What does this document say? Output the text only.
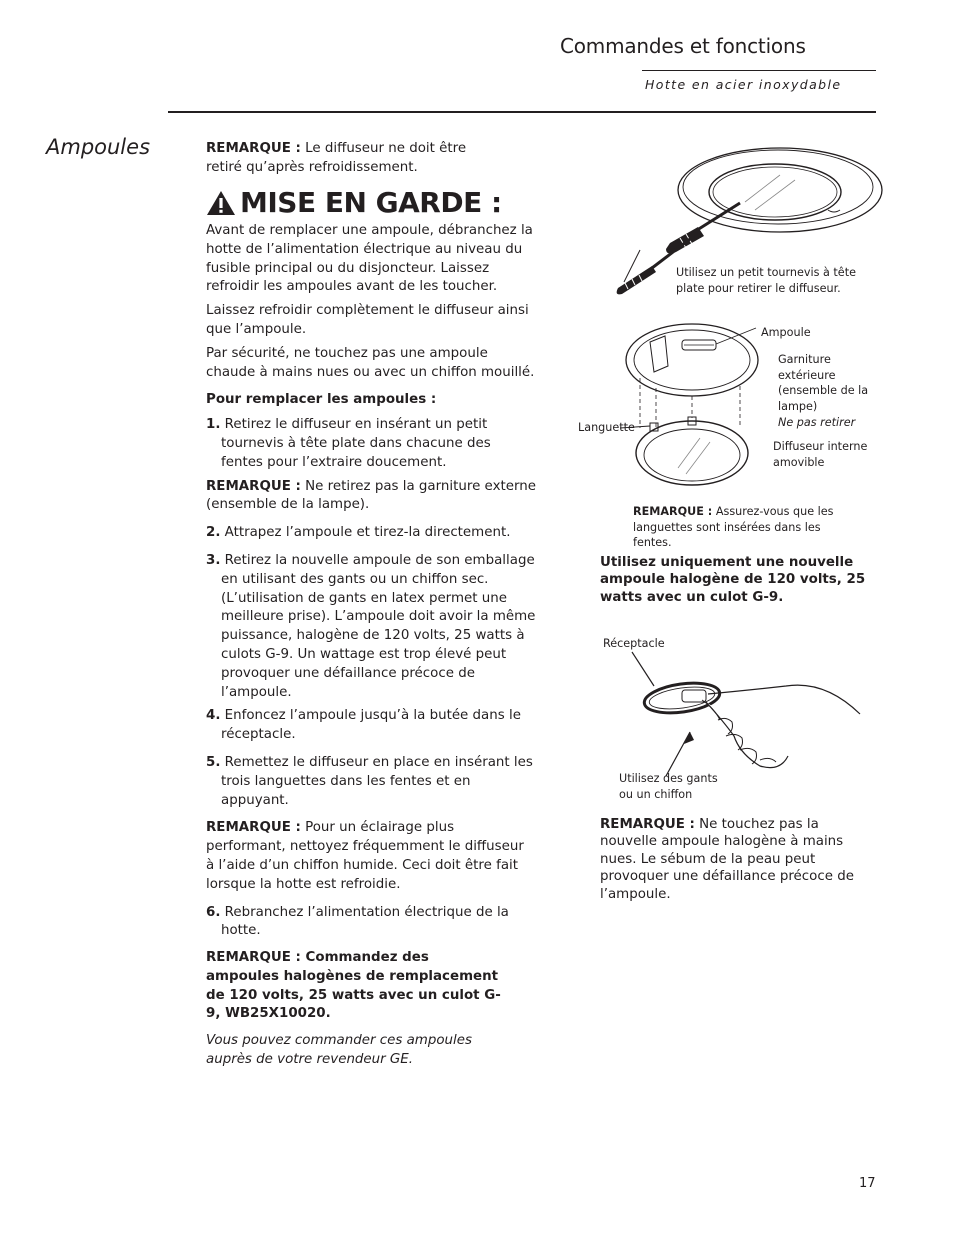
Commandes et fonctions
Hotte en acier inoxydable
Ampoules	REMARQUE : Le diffuseur ne doit être retiré qu’après refroidissement.

MISE EN GARDE :

Avant de remplacer une ampoule, débranchez la hotte de l’alimentation électrique au niveau du fusible principal ou du disjoncteur. Laissez refroidir les ampoules avant de les toucher.

Laissez refroidir complètement le diffuseur ainsi que l’ampoule.

Par sécurité, ne touchez pas une ampoule chaude à mains nues ou avec un chiffon mouillé.

Pour remplacer les ampoules :

1. Retirez le diffuseur en insérant un petit tournevis à tête plate dans chacune des fentes pour l’extraire doucement.

REMARQUE : Ne retirez pas la garniture externe (ensemble de la lampe).

2. Attrapez l’ampoule et tirez-la directement.

3. Retirez la nouvelle ampoule de son emballage en utilisant des gants ou un chiffon sec. (L’utilisation de gants en latex permet une meilleure prise). L’ampoule doit avoir la même puissance, halogène de 120 volts, 25 watts à culots G-9. Un wattage est trop élevé peut provoquer une défaillance précoce de l’ampoule.

4. Enfoncez l’ampoule jusqu’à la butée dans le réceptacle.

5. Remettez le diffuseur en place en insérant les trois languettes dans les fentes et en appuyant.

REMARQUE : Pour un éclairage plus performant, nettoyez fréquemment le diffuseur à l’aide d’un chiffon humide. Ceci doit être fait lorsque la hotte est refroidie.

6. Rebranchez l’alimentation électrique de la hotte.

REMARQUE : Commandez des ampoules halogènes de remplacement de 120 volts, 25 watts avec un culot G-9, WB25X10020.

Vous pouvez commander ces ampoules auprès de votre revendeur GE.

Utilisez un petit tournevis à tête plate pour retirer le diffuseur.
Ampoule
Garniture extérieure (ensemble de la lampe)
Ne pas retirer
Languette
Diffuseur interne amovible
REMARQUE : Assurez-vous que les languettes sont insérées dans les fentes.
Utilisez uniquement une nouvelle ampoule halogène de 120 volts, 25 watts avec un culot G-9.
Réceptacle
Utilisez des gants ou un chiffon
REMARQUE : Ne touchez pas la nouvelle ampoule halogène à mains nues. Le sébum de la peau peut provoquer une défaillance précoce de l’ampoule.
17
